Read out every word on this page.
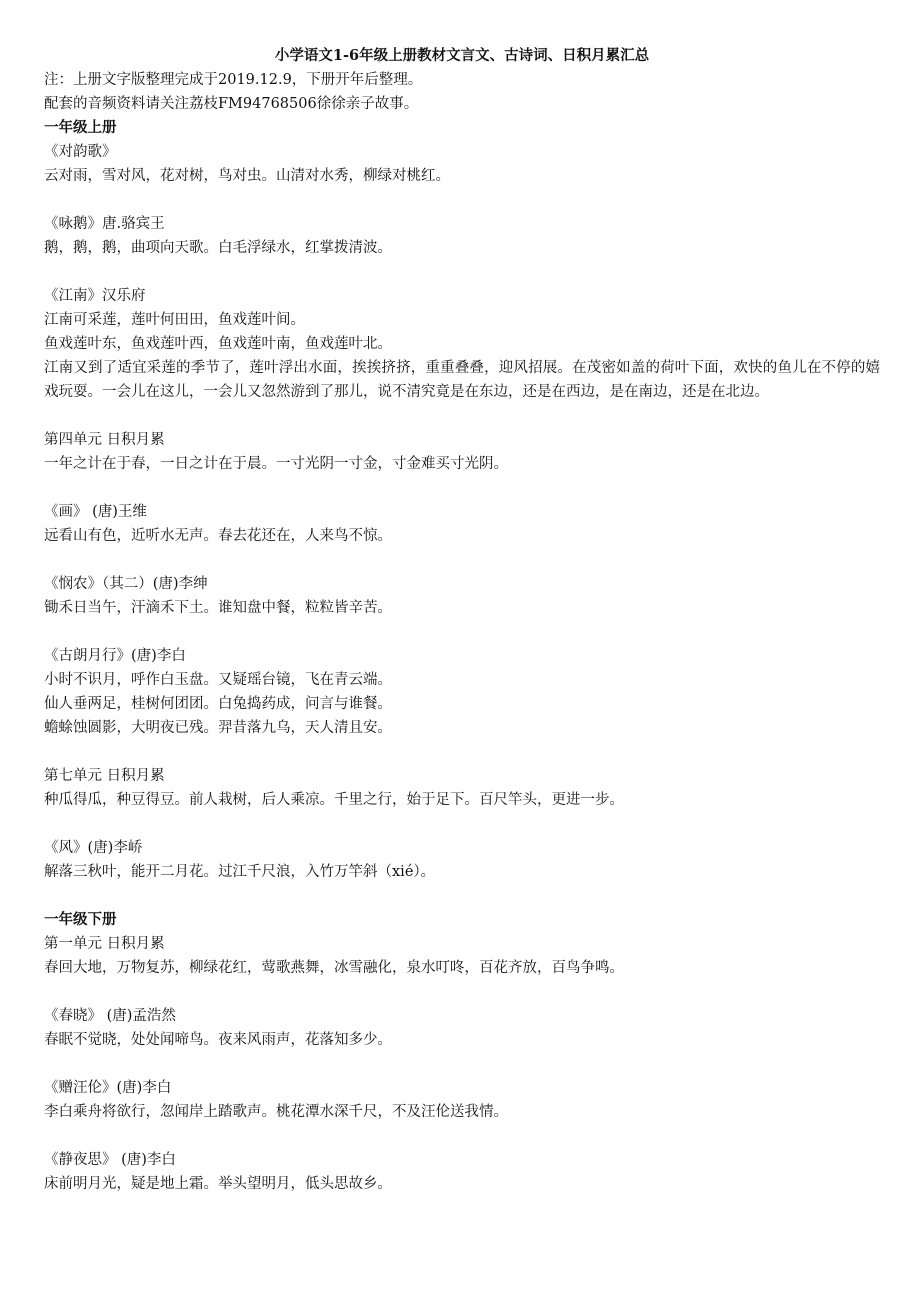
小学语文1-6年级上册教材文言文、古诗词、日积月累汇总
注：上册文字版整理完成于2019.12.9，下册开年后整理。
配套的音频资料请关注荔枝FM94768506徐徐亲子故事。
一年级上册
《对韵歌》
云对雨，雪对风，花对树，鸟对虫。山清对水秀，柳绿对桃红。
《咏鹅》唐.骆宾王
鹅，鹅，鹅，曲项向天歌。白毛浮绿水，红掌拨清波。
《江南》汉乐府
江南可采莲，莲叶何田田，鱼戏莲叶间。
鱼戏莲叶东，鱼戏莲叶西，鱼戏莲叶南，鱼戏莲叶北。
江南又到了适宜采莲的季节了，莲叶浮出水面，挨挨挤挤，重重叠叠，迎风招展。在茂密如盖的荷叶下面，欢快的鱼儿在不停的嬉戏玩耍。一会儿在这儿，一会儿又忽然游到了那儿，说不清究竟是在东边，还是在西边，是在南边，还是在北边。
第四单元 日积月累
一年之计在于春，一日之计在于晨。一寸光阴一寸金，寸金难买寸光阴。
《画》 (唐)王维
远看山有色，近听水无声。春去花还在，人来鸟不惊。
《悯农》（其二）(唐)李绅
锄禾日当午，汗滴禾下土。谁知盘中餐，粒粒皆辛苦。
《古朗月行》(唐)李白
小时不识月，呼作白玉盘。又疑瑶台镜，飞在青云端。
仙人垂两足，桂树何团团。白兔捣药成，问言与谁餐。
蟾蜍蚀圆影，大明夜已残。羿昔落九乌，天人清且安。
第七单元 日积月累
种瓜得瓜，种豆得豆。前人栽树，后人乘凉。千里之行，始于足下。百尺竿头，更进一步。
《风》(唐)李峤
解落三秋叶，能开二月花。过江千尺浪，入竹万竿斜（xié）。
一年级下册
第一单元 日积月累
春回大地，万物复苏，柳绿花红，莺歌燕舞，冰雪融化，泉水叮咚，百花齐放，百鸟争鸣。
《春晓》 (唐)孟浩然
春眠不觉晓，处处闻啼鸟。夜来风雨声，花落知多少。
《赠汪伦》(唐)李白
李白乘舟将欲行，忽闻岸上踏歌声。桃花潭水深千尺，不及汪伦送我情。
《静夜思》 (唐)李白
床前明月光，疑是地上霜。举头望明月，低头思故乡。
